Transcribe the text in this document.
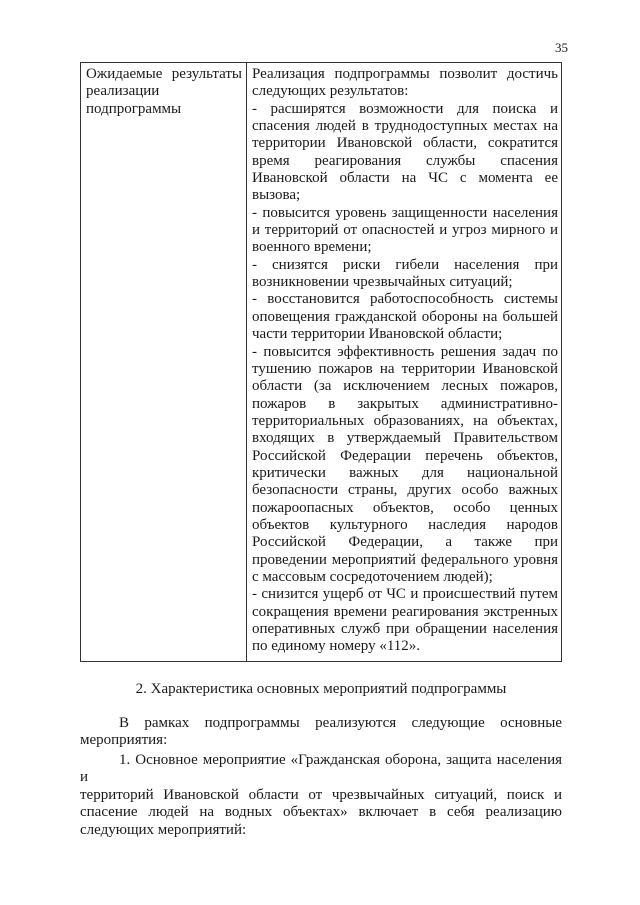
35
Ожидаемые результаты
реализации
подпрограммы
Реализация подпрограммы позволит достичь
следующих результатов:
- расширятся возможности для поиска и
спасения людей в труднодоступных местах на
территории Ивановской области, сократится
время реагирования службы спасения
Ивановской области на ЧС с момента ее
вызова;
- повысится уровень защищенности населения
и территорий от опасностей и угроз мирного и
военного времени;
- снизятся риски гибели населения при
возникновении чрезвычайных ситуаций;
- восстановится работоспособность системы
оповещения гражданской обороны на большей
части территории Ивановской области;
- повысится эффективность решения задач по
тушению пожаров на территории Ивановской
области (за исключением лесных пожаров,
пожаров в закрытых административно-
территориальных образованиях, на объектах,
входящих в утверждаемый Правительством
Российской Федерации перечень объектов,
критически важных для национальной
безопасности страны, других особо важных
пожароопасных объектов, особо ценных
объектов культурного наследия народов
Российской Федерации, а также при
проведении мероприятий федерального уровня
с массовым сосредоточением людей);
- снизится ущерб от ЧС и происшествий путем
сокращения времени реагирования экстренных
оперативных служб при обращении населения
по единому номеру «112».
2. Характеристика основных мероприятий подпрограммы
В рамках подпрограммы реализуются следующие основные
мероприятия:
1. Основное мероприятие «Гражданская оборона, защита населения и
территорий Ивановской области от чрезвычайных ситуаций, поиск и
спасение людей на водных объектах» включает в себя реализацию
следующих мероприятий:
